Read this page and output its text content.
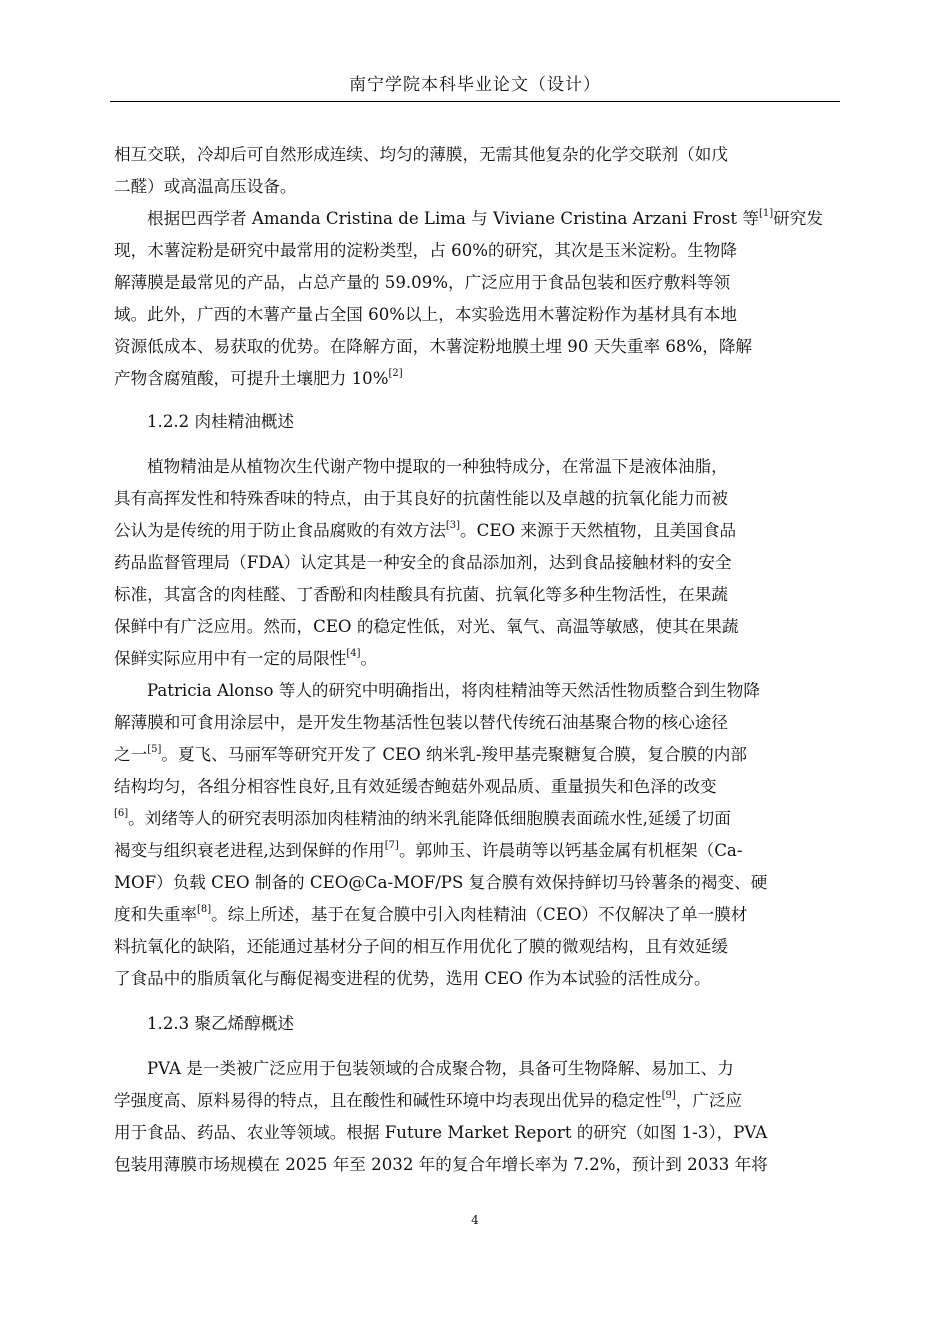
南宁学院本科毕业论文（设计）
相互交联，冷却后可自然形成连续、均匀的薄膜，无需其他复杂的化学交联剂（如戊
二醛）或高温高压设备。
根据巴西学者 Amanda Cristina de Lima 与 Viviane Cristina Arzani Frost 等[1]研究发
现，木薯淀粉是研究中最常用的淀粉类型，占 60%的研究，其次是玉米淀粉。生物降
解薄膜是最常见的产品，占总产量的 59.09%，广泛应用于食品包装和医疗敷料等领
域。此外，广西的木薯产量占全国 60%以上，本实验选用木薯淀粉作为基材具有本地
资源低成本、易获取的优势。在降解方面，木薯淀粉地膜土埋 90 天失重率 68%，降解
产物含腐殖酸，可提升土壤肥力 10%[2]
1.2.2 肉桂精油概述
植物精油是从植物次生代谢产物中提取的一种独特成分，在常温下是液体油脂，
具有高挥发性和特殊香味的特点，由于其良好的抗菌性能以及卓越的抗氧化能力而被
公认为是传统的用于防止食品腐败的有效方法[3]。CEO 来源于天然植物，且美国食品
药品监督管理局（FDA）认定其是一种安全的食品添加剂，达到食品接触材料的安全
标准，其富含的肉桂醛、丁香酚和肉桂酸具有抗菌、抗氧化等多种生物活性，在果蔬
保鲜中有广泛应用。然而，CEO 的稳定性低，对光、氧气、高温等敏感，使其在果蔬
保鲜实际应用中有一定的局限性[4]。
Patricia Alonso 等人的研究中明确指出，将肉桂精油等天然活性物质整合到生物降
解薄膜和可食用涂层中，是开发生物基活性包装以替代传统石油基聚合物的核心途径
之一[5]。夏飞、马丽军等研究开发了 CEO 纳米乳-羧甲基壳聚糖复合膜，复合膜的内部
结构均匀，各组分相容性良好,且有效延缓杏鲍菇外观品质、重量损失和色泽的改变
[6]。刘绪等人的研究表明添加肉桂精油的纳米乳能降低细胞膜表面疏水性,延缓了切面
褐变与组织衰老进程,达到保鲜的作用[7]。郭帅玉、许晨萌等以钙基金属有机框架（Ca-
MOF）负载 CEO 制备的 CEO@Ca-MOF/PS 复合膜有效保持鲜切马铃薯条的褐变、硬
度和失重率[8]。综上所述，基于在复合膜中引入肉桂精油（CEO）不仅解决了单一膜材
料抗氧化的缺陷，还能通过基材分子间的相互作用优化了膜的微观结构，且有效延缓
了食品中的脂质氧化与酶促褐变进程的优势，选用 CEO 作为本试验的活性成分。
1.2.3 聚乙烯醇概述
PVA 是一类被广泛应用于包装领域的合成聚合物，具备可生物降解、易加工、力
学强度高、原料易得的特点，且在酸性和碱性环境中均表现出优异的稳定性[9]，广泛应
用于食品、药品、农业等领域。根据 Future Market Report 的研究（如图 1-3），PVA
包装用薄膜市场规模在 2025 年至 2032 年的复合年增长率为 7.2%，预计到 2033 年将
4
